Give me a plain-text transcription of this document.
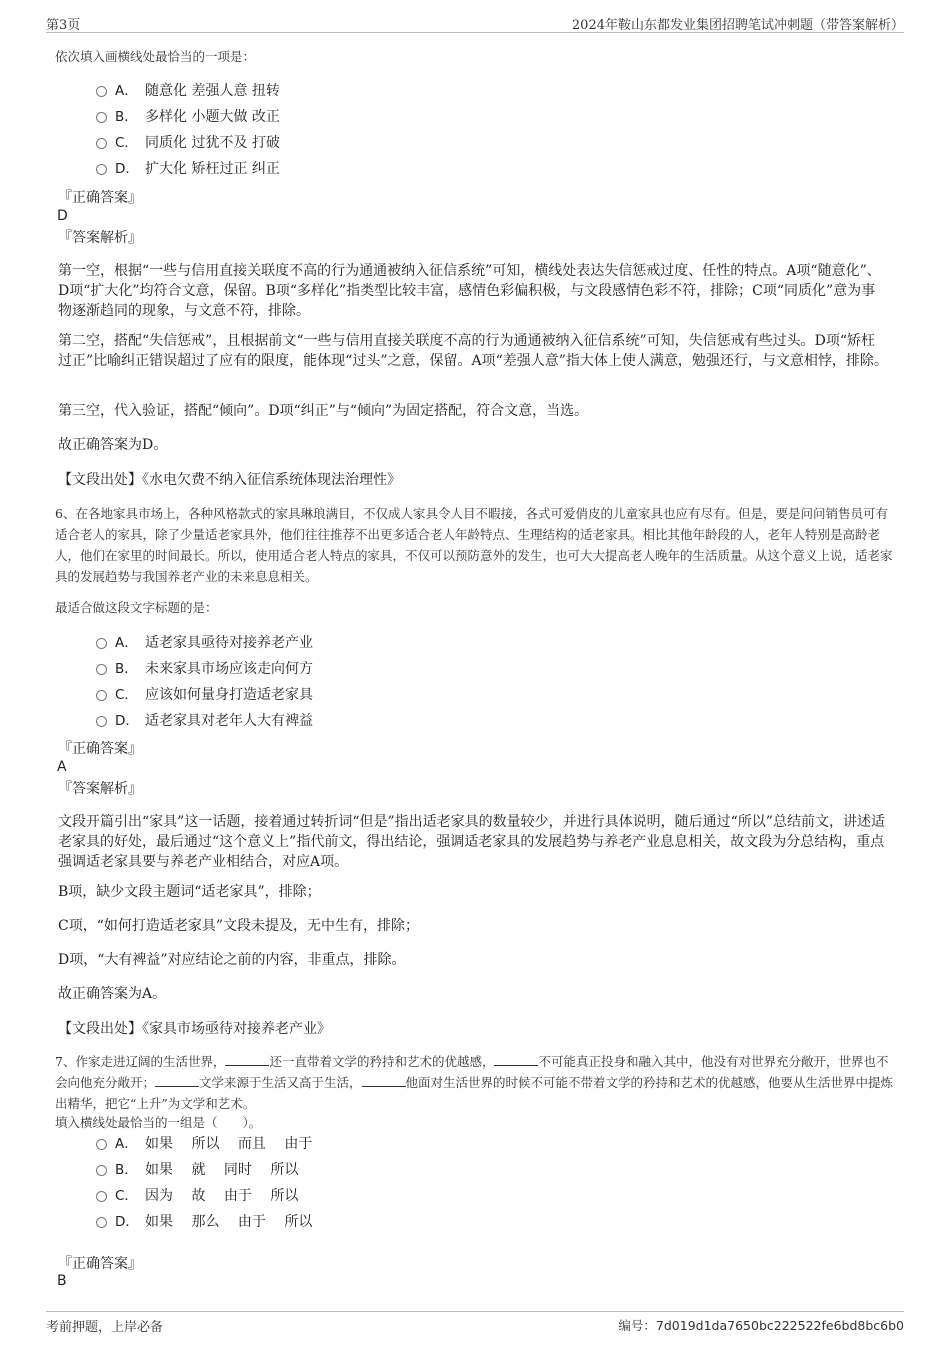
第3页	2024年鞍山东都发业集团招聘笔试冲刺题（带答案解析）
依次填入画横线处最恰当的一项是：
A． 随意化 差强人意 扭转
B． 多样化 小题大做 改正
C． 同质化 过犹不及 打破
D． 扩大化 矫枉过正 纠正
『正确答案』
D
『答案解析』
第一空，根据“一些与信用直接关联度不高的行为通通被纳入征信系统”可知，横线处表达失信惩戒过度、任性的特点。A项“随意化”、D项“扩大化”均符合文意，保留。B项“多样化”指类型比较丰富，感情色彩偏积极，与文段感情色彩不符，排除；C项“同质化”意为事物逐渐趋同的现象，与文意不符，排除。
第二空，搭配“失信惩戒”，且根据前文“一些与信用直接关联度不高的行为通通被纳入征信系统”可知，失信惩戒有些过头。D项“矫枉过正”比喻纠正错误超过了应有的限度，能体现“过头”之意，保留。A项“差强人意”指大体上使人满意，勉强还行，与文意相悖，排除。
第三空，代入验证，搭配“倾向”。D项“纠正”与“倾向”为固定搭配，符合文意，当选。
故正确答案为D。
【文段出处】《水电欠费不纳入征信系统体现法治理性》
6、在各地家具市场上，各种风格款式的家具琳琅满目，不仅成人家具令人目不暇接，各式可爱俏皮的儿童家具也应有尽有。但是，要是问问销售员可有适合老人的家具，除了少量适老家具外，他们往往推荐不出更多适合老人年龄特点、生理结构的适老家具。相比其他年龄段的人，老年人特别是高龄老人，他们在家里的时间最长。所以，使用适合老人特点的家具，不仅可以预防意外的发生，也可大大提高老人晚年的生活质量。从这个意义上说，适老家具的发展趋势与我国养老产业的未来息息相关。
最适合做这段文字标题的是：
A． 适老家具亟待对接养老产业
B． 未来家具市场应该走向何方
C． 应该如何量身打造适老家具
D． 适老家具对老年人大有裨益
『正确答案』
A
『答案解析』
文段开篇引出“家具”这一话题，接着通过转折词“但是”指出适老家具的数量较少，并进行具体说明，随后通过“所以”总结前文，讲述适老家具的好处，最后通过“这个意义上”指代前文，得出结论，强调适老家具的发展趋势与养老产业息息相关，故文段为分总结构，重点强调适老家具要与养老产业相结合，对应A项。
B项，缺少文段主题词“适老家具”，排除；
C项，“如何打造适老家具”文段未提及，无中生有，排除；
D项，“大有裨益”对应结论之前的内容，非重点，排除。
故正确答案为A。
【文段出处】《家具市场亟待对接养老产业》
7、作家走进辽阔的生活世界，	还一直带着文学的矜持和艺术的优越感，	不可能真正投身和融入其中，他没有对世界充分敞开，世界也不会向他充分敞开；	文学来源于生活又高于生活，	他面对生活世界的时候不可能不带着文学的矜持和艺术的优越感，他要从生活世界中提炼出精华，把它“上升”为文学和艺术。
填入横线处最恰当的一组是（　　）。
A． 如果　 所以　 而且　 由于
B． 如果　 就　 同时　 所以
C． 因为　 故　 由于　 所以
D． 如果　 那么　 由于　 所以
『正确答案』
B
考前押题，上岸必备	编号：7d019d1da7650bc222522fe6bd8bc6b0
